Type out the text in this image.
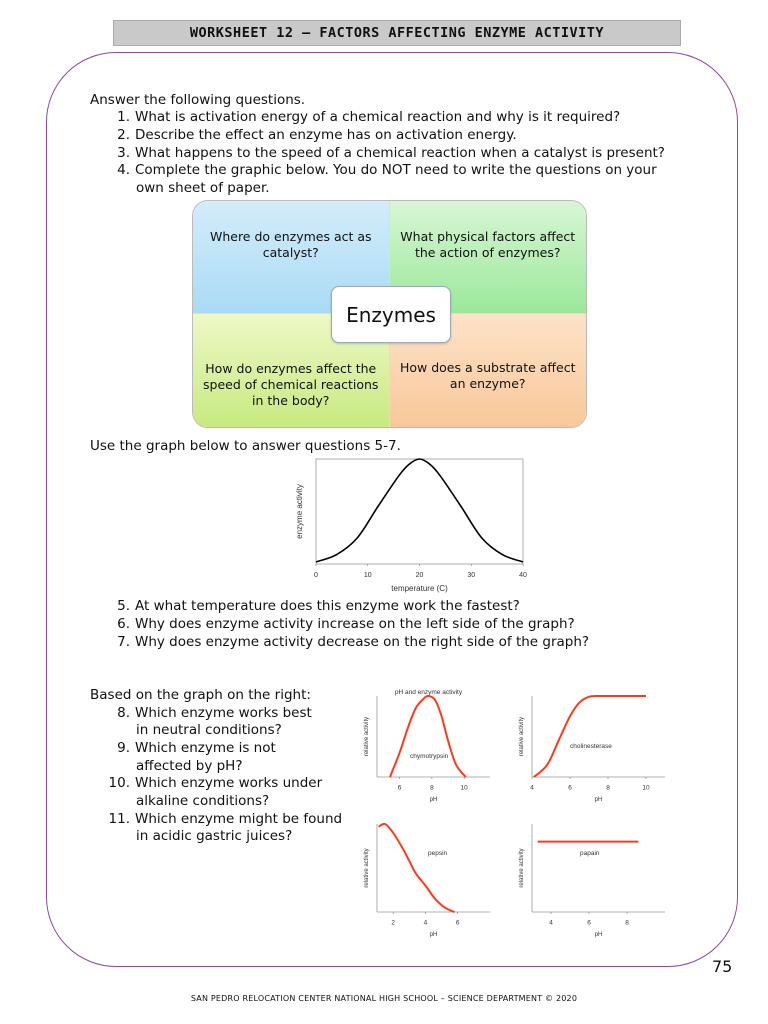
WORKSHEET 12 – FACTORS AFFECTING ENZYME ACTIVITY
Answer the following questions.
1. What is activation energy of a chemical reaction and why is it required?
2. Describe the effect an enzyme has on activation energy.
3. What happens to the speed of a chemical reaction when a catalyst is present?
4. Complete the graphic below. You do NOT need to write the questions on your
own sheet of paper.
Where do enzymes act as
catalyst?
What physical factors affect
the action of enzymes?
How do enzymes affect the
speed of chemical reactions
in the body?
How does a substrate affect
an enzyme?
Enzymes
Use the graph below to answer questions 5-7.
0	10	20	30	40
temperature (C)
enzyme activity
5. At what temperature does this enzyme work the fastest?
6. Why does enzyme activity increase on the left side of the graph?
7. Why does enzyme activity decrease on the right side of the graph?
Based on the graph on the right:
8. Which enzyme works best
in neutral conditions?
9. Which enzyme is not
affected by pH?
10. Which enzyme works under
alkaline conditions?
11. Which enzyme might be found
in acidic gastric juices?
6	8	10
pH and enzyme activity
pH
relative activity
chymotrypsin
4	6	8	10
pH
relative activity	cholinesterase
2	4	6
pH
relative activity	pepsin
4	6	8
pH
relative activity	papain
75
SAN PEDRO RELOCATION CENTER NATIONAL HIGH SCHOOL – SCIENCE DEPARTMENT © 2020
